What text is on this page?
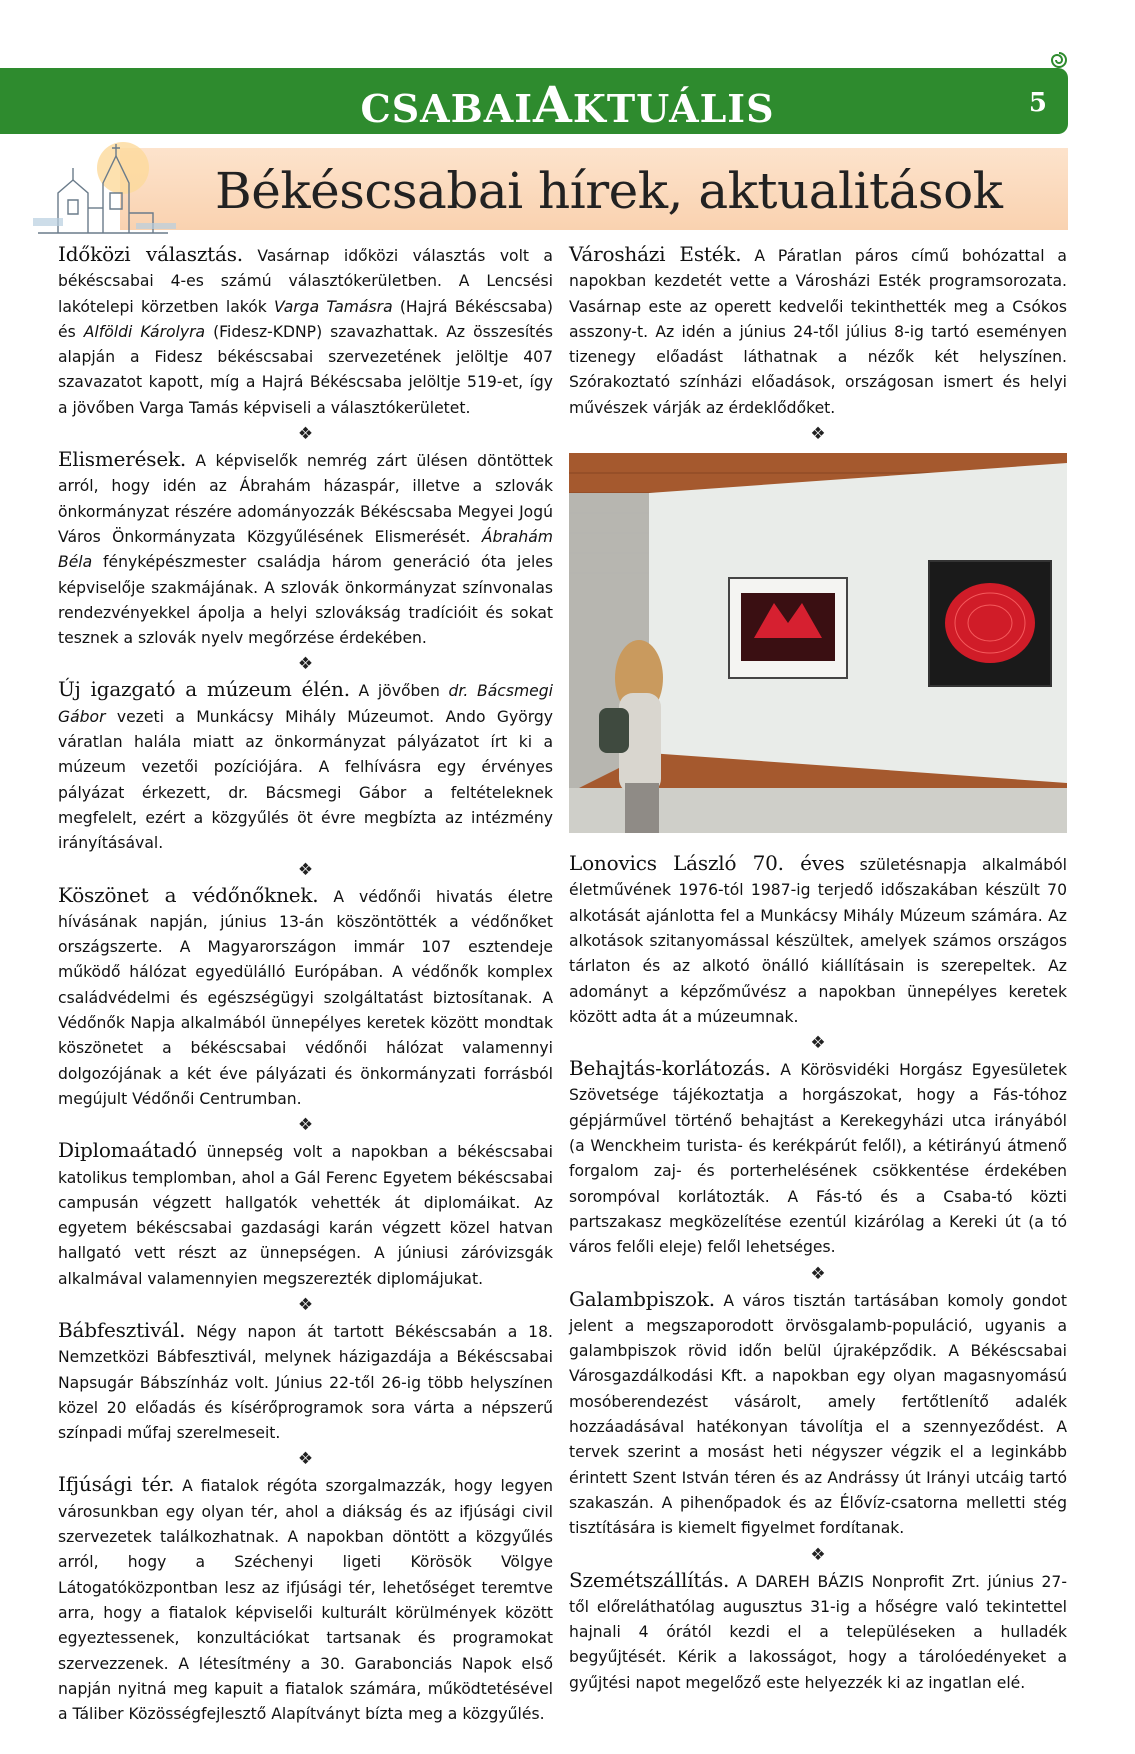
CSABAIAKTUÁLIS	5
Békéscsabai hírek, aktualitások

Időközi választás. Vasárnap időközi választás volt a békéscsabai 4-es számú választókerületben. A Lencsési lakótelepi körzetben lakók Varga Tamásra (Hajrá Békéscsaba) és Alföldi Károlyra (Fidesz-KDNP) szavazhattak. Az összesítés alapján a Fidesz békéscsabai szervezetének jelöltje 407 szavazatot kapott, míg a Hajrá Békéscsaba jelöltje 519-et, így a jövőben Varga Tamás képviseli a választókerületet.

❖

Elismerések. A képviselők nemrég zárt ülésen döntöttek arról, hogy idén az Ábrahám házaspár, illetve a szlovák önkormányzat részére adományozzák Békéscsaba Megyei Jogú Város Önkormányzata Közgyűlésének Elismerését. Ábrahám Béla fényképészmester családja három generáció óta jeles képviselője szakmájának. A szlovák önkormányzat színvonalas rendezvényekkel ápolja a helyi szlovákság tradícióit és sokat tesznek a szlovák nyelv megőrzése érdekében.

❖

Új igazgató a múzeum élén. A jövőben dr. Bácsmegi Gábor vezeti a Munkácsy Mihály Múzeumot. Ando György váratlan halála miatt az önkormányzat pályázatot írt ki a múzeum vezetői pozíciójára. A felhívásra egy érvényes pályázat érkezett, dr. Bácsmegi Gábor a feltételeknek megfelelt, ezért a közgyűlés öt évre megbízta az intézmény irányításával.

❖

Köszönet a védőnőknek. A védőnői hivatás életre hívásának napján, június 13-án köszöntötték a védőnőket országszerte. A Magyarországon immár 107 esztendeje működő hálózat egyedülálló Európában. A védőnők komplex családvédelmi és egészségügyi szolgáltatást biztosítanak. A Védőnők Napja alkalmából ünnepélyes keretek között mondtak köszönetet a békéscsabai védőnői hálózat valamennyi dolgozójának a két éve pályázati és önkormányzati forrásból megújult Védőnői Centrumban.

❖

Diplomaátadó ünnepség volt a napokban a békéscsabai katolikus templomban, ahol a Gál Ferenc Egyetem békéscsabai campusán végzett hallgatók vehették át diplomáikat. Az egyetem békéscsabai gazdasági karán végzett közel hatvan hallgató vett részt az ünnepségen. A júniusi záróvizsgák alkalmával valamennyien megszerezték diplomájukat.

❖

Bábfesztivál. Négy napon át tartott Békéscsabán a 18. Nemzetközi Bábfesztivál, melynek házigazdája a Békéscsabai Napsugár Bábszínház volt. Június 22-től 26-ig több helyszínen közel 20 előadás és kísérőprogramok sora várta a népszerű színpadi műfaj szerelmeseit.

❖

Ifjúsági tér. A fiatalok régóta szorgalmazzák, hogy legyen városunkban egy olyan tér, ahol a diákság és az ifjúsági civil szervezetek találkozhatnak. A napokban döntött a közgyűlés arról, hogy a Széchenyi ligeti Körösök Völgye Látogatóközpontban lesz az ifjúsági tér, lehetőséget teremtve arra, hogy a fiatalok képviselői kulturált körülmények között egyeztessenek, konzultációkat tartsanak és programokat szervezzenek. A létesítmény a 30. Garabonciás Napok első napján nyitná meg kapuit a fiatalok számára, működtetésével a Táliber Közösségfejlesztő Alapítványt bízta meg a közgyűlés.

Városházi Esték. A Páratlan páros című bohózattal a napokban kezdetét vette a Városházi Esték programsorozata. Vasárnap este az operett kedvelői tekinthették meg a Csókos asszony-t. Az idén a június 24-től július 8-ig tartó eseményen tizenegy előadást láthatnak a nézők két helyszínen. Szórakoztató színházi előadások, országosan ismert és helyi művészek várják az érdeklődőket.

❖

Lonovics László 70. éves születésnapja alkalmából életművének 1976-tól 1987-ig terjedő időszakában készült 70 alkotását ajánlotta fel a Munkácsy Mihály Múzeum számára. Az alkotások szitanyomással készültek, amelyek számos országos tárlaton és az alkotó önálló kiállításain is szerepeltek. Az adományt a képzőművész a napokban ünnepélyes keretek között adta át a múzeumnak.

❖

Behajtás-korlátozás. A Körösvidéki Horgász Egyesületek Szövetsége tájékoztatja a horgászokat, hogy a Fás-tóhoz gépjárművel történő behajtást a Kerekegyházi utca irányából (a Wenckheim turista- és kerékpárút felől), a kétirányú átmenő forgalom zaj- és porterhelésének csökkentése érdekében sorompóval korlátozták. A Fás-tó és a Csaba-tó közti partszakasz megközelítése ezentúl kizárólag a Kereki út (a tó város felőli eleje) felől lehetséges.

❖

Galambpiszok. A város tisztán tartásában komoly gondot jelent a megszaporodott örvösgalamb-populáció, ugyanis a galambpiszok rövid időn belül újraképződik. A Békéscsabai Városgazdálkodási Kft. a napokban egy olyan magasnyomású mosóberendezést vásárolt, amely fertőtlenítő adalék hozzáadásával hatékonyan távolítja el a szennyeződést. A tervek szerint a mosást heti négyszer végzik el a leginkább érintett Szent István téren és az Andrássy út Irányi utcáig tartó szakaszán. A pihenőpadok és az Élővíz-csatorna melletti stég tisztítására is kiemelt figyelmet fordítanak.

❖

Szemétszállítás. A DAREH BÁZIS Nonprofit Zrt. június 27-től előreláthatólag augusztus 31-ig a hőségre való tekintettel hajnali 4 órától kezdi el a településeken a hulladék begyűjtését. Kérik a lakosságot, hogy a tárolóedényeket a gyűjtési napot megelőző este helyezzék ki az ingatlan elé.
